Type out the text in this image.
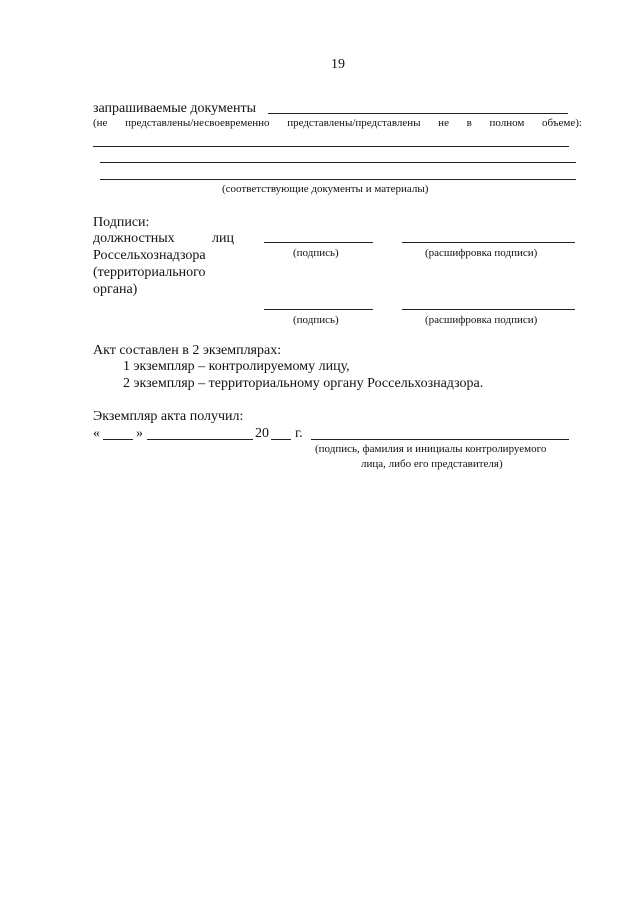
19
запрашиваемые документы
(не представлены/несвоевременно представлены/представлены не в полном объеме):
(соответствующие документы и материалы)
Подписи:
должностных	лиц
Россельхознадзора
(территориального
органа)
(подпись)	(расшифровка подписи)
(подпись)	(расшифровка подписи)
Акт составлен в 2 экземплярах:
1 экземпляр – контролируемому лицу,
2 экземпляр – территориальному органу Россельхознадзора.
Экземпляр акта получил:
«	»	20 г.
(подпись, фамилия и инициалы контролируемого
лица, либо его представителя)
